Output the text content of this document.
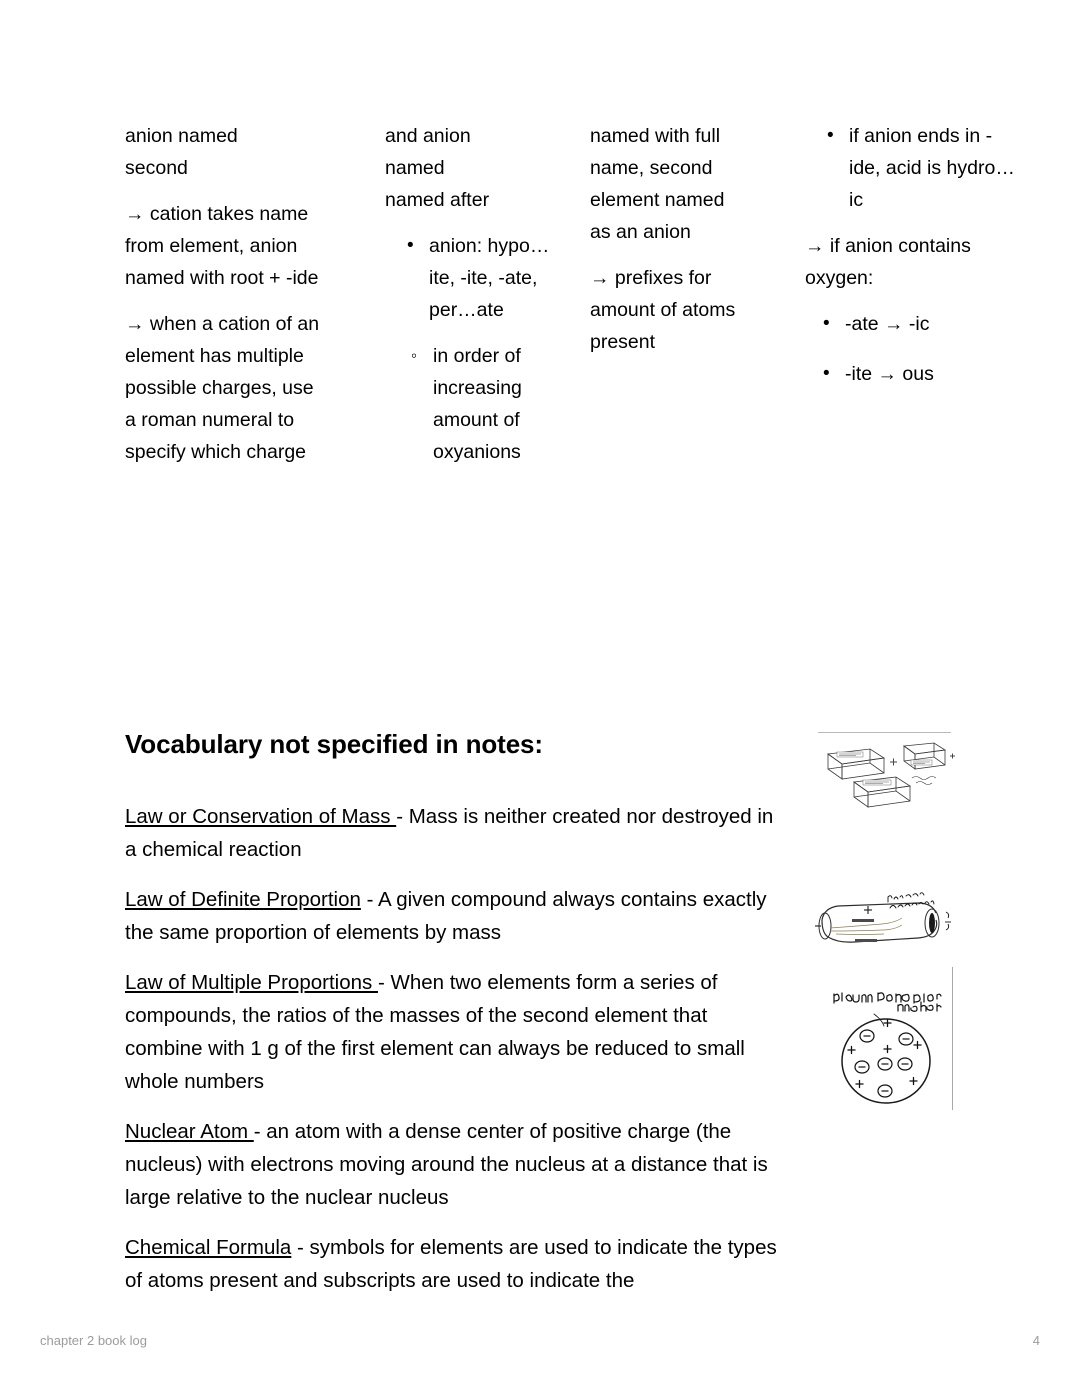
anion named
second
→ cation takes name from element, anion named with root + -ide
→ when a cation of an element has multiple possible charges, use a roman numeral to specify which charge
and anion
named
named after
• anion: hypo…ite, -ite, -ate, per…ate
◦ in order of increasing amount of oxyanions
named with full name, second element named as an anion
→ prefixes for amount of atoms present
• if anion ends in -ide, acid is hydro…ic
→ if anion contains oxygen:
• -ate → -ic
• -ite → ous
Vocabulary not specified in notes:

Law or Conservation of Mass - Mass is neither created nor destroyed in a chemical reaction

Law of Definite Proportion - A given compound always contains exactly the same proportion of elements by mass

Law of Multiple Proportions - When two elements form a series of compounds, the ratios of the masses of the second element that combine with 1 g of the first element can always be reduced to small whole numbers

Nuclear Atom - an atom with a dense center of positive charge (the nucleus) with electrons moving around the nucleus at a distance that is large relative to the nuclear nucleus

Chemical Formula - symbols for elements are used to indicate the types of atoms present and subscripts are used to indicate the

chapter 2 book log	4
